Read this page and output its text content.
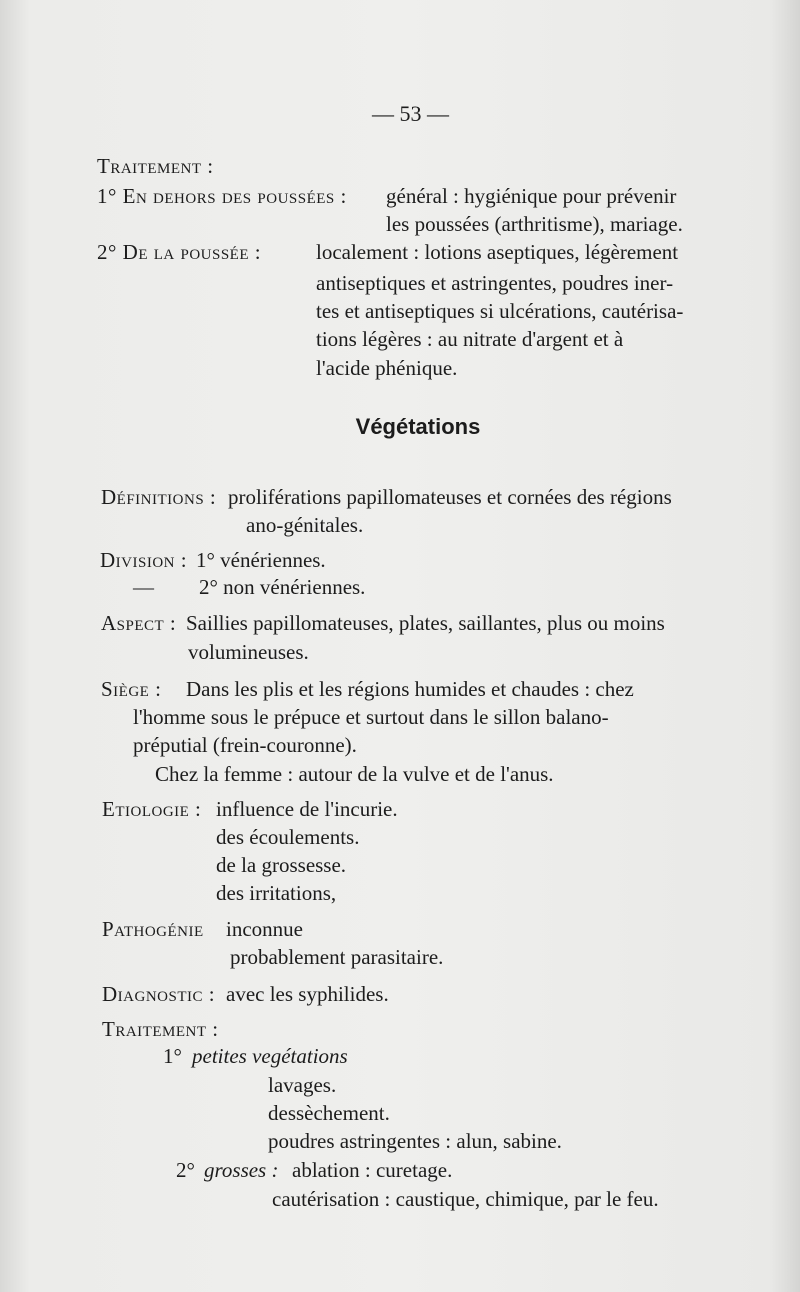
— 53 —
Traitement :
1° En dehors des poussées : général : hygiénique pour prévenir
les poussées (arthritisme), mariage.
2° De la poussée :	localement : lotions aseptiques, légèrement
antiseptiques et astringentes, poudres iner-
tes et antiseptiques si ulcérations, cautérisa-
tions légères : au nitrate d'argent et à
l'acide phénique.
Végétations
Définitions : proliférations papillomateuses et cornées des régions
ano-génitales.
Division : 1° vénériennes.
— 2° non vénériennes.
Aspect : Saillies papillomateuses, plates, saillantes, plus ou moins
volumineuses.
Siège : Dans les plis et les régions humides et chaudes : chez
l'homme sous le prépuce et surtout dans le sillon balano-
préputial (frein-couronne).
Chez la femme : autour de la vulve et de l'anus.
Etiologie : influence de l'incurie.
des écoulements.
de la grossesse.
des irritations,
Pathogénie inconnue
probablement parasitaire.
Diagnostic : avec les syphilides.
Traitement :
1° petites vegétations
lavages.
dessèchement.
poudres astringentes : alun, sabine.
2° grosses : ablation : curetage.
cautérisation : caustique, chimique, par le feu.
